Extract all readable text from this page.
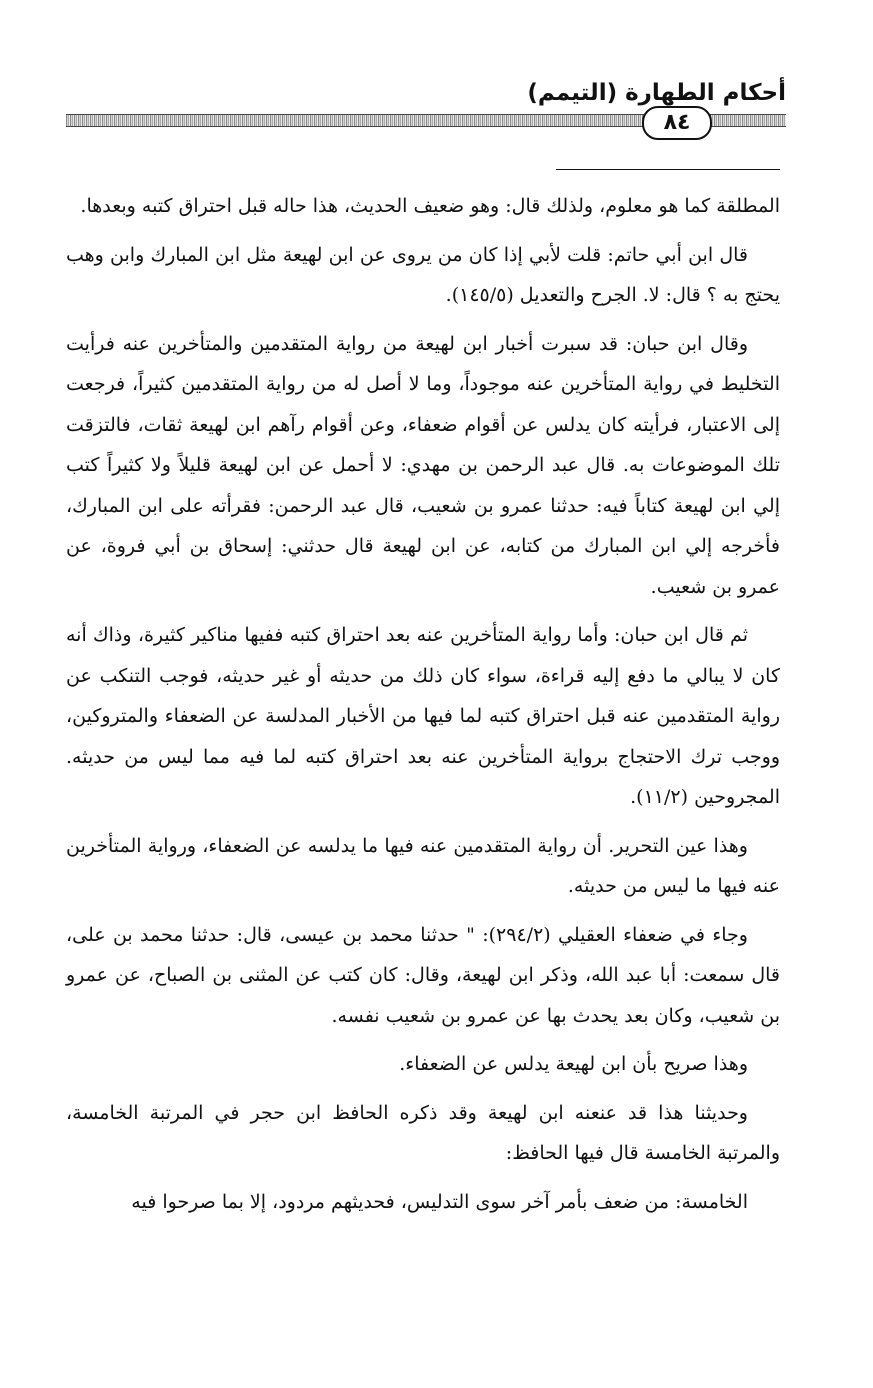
أحكام الطهارة (التيمم)
٨٤

المطلقة كما هو معلوم، ولذلك قال: وهو ضعيف الحديث، هذا حاله قبل احتراق كتبه وبعدها.

قال ابن أبي حاتم: قلت لأبي إذا كان من يروى عن ابن لهيعة مثل ابن المبارك وابن وهب يحتج به ؟ قال: لا. الجرح والتعديل (١٤٥/٥).

وقال ابن حبان: قد سبرت أخبار ابن لهيعة من رواية المتقدمين والمتأخرين عنه فرأيت التخليط في رواية المتأخرين عنه موجوداً، وما لا أصل له من رواية المتقدمين كثيراً، فرجعت إلى الاعتبار، فرأيته كان يدلس عن أقوام ضعفاء، وعن أقوام رآهم ابن لهيعة ثقات، فالتزقت تلك الموضوعات به. قال عبد الرحمن بن مهدي: لا أحمل عن ابن لهيعة قليلاً ولا كثيراً كتب إلي ابن لهيعة كتاباً فيه: حدثنا عمرو بن شعيب، قال عبد الرحمن: فقرأته على ابن المبارك، فأخرجه إلي ابن المبارك من كتابه، عن ابن لهيعة قال حدثني: إسحاق بن أبي فروة، عن عمرو بن شعيب.

ثم قال ابن حبان: وأما رواية المتأخرين عنه بعد احتراق كتبه ففيها مناكير كثيرة، وذاك أنه كان لا يبالي ما دفع إليه قراءة، سواء كان ذلك من حديثه أو غير حديثه، فوجب التنكب عن رواية المتقدمين عنه قبل احتراق كتبه لما فيها من الأخبار المدلسة عن الضعفاء والمتروكين، ووجب ترك الاحتجاج برواية المتأخرين عنه بعد احتراق كتبه لما فيه مما ليس من حديثه. المجروحين (١١/٢).

وهذا عين التحرير. أن رواية المتقدمين عنه فيها ما يدلسه عن الضعفاء، ورواية المتأخرين عنه فيها ما ليس من حديثه.

وجاء في ضعفاء العقيلي (٢٩٤/٢): " حدثنا محمد بن عيسى، قال: حدثنا محمد بن على، قال سمعت: أبا عبد الله، وذكر ابن لهيعة، وقال: كان كتب عن المثنى بن الصباح، عن عمرو بن شعيب، وكان بعد يحدث بها عن عمرو بن شعيب نفسه.

وهذا صريح بأن ابن لهيعة يدلس عن الضعفاء.

وحديثنا هذا قد عنعنه ابن لهيعة وقد ذكره الحافظ ابن حجر في المرتبة الخامسة، والمرتبة الخامسة قال فيها الحافظ:

الخامسة: من ضعف بأمر آخر سوى التدليس، فحديثهم مردود، إلا بما صرحوا فيه
